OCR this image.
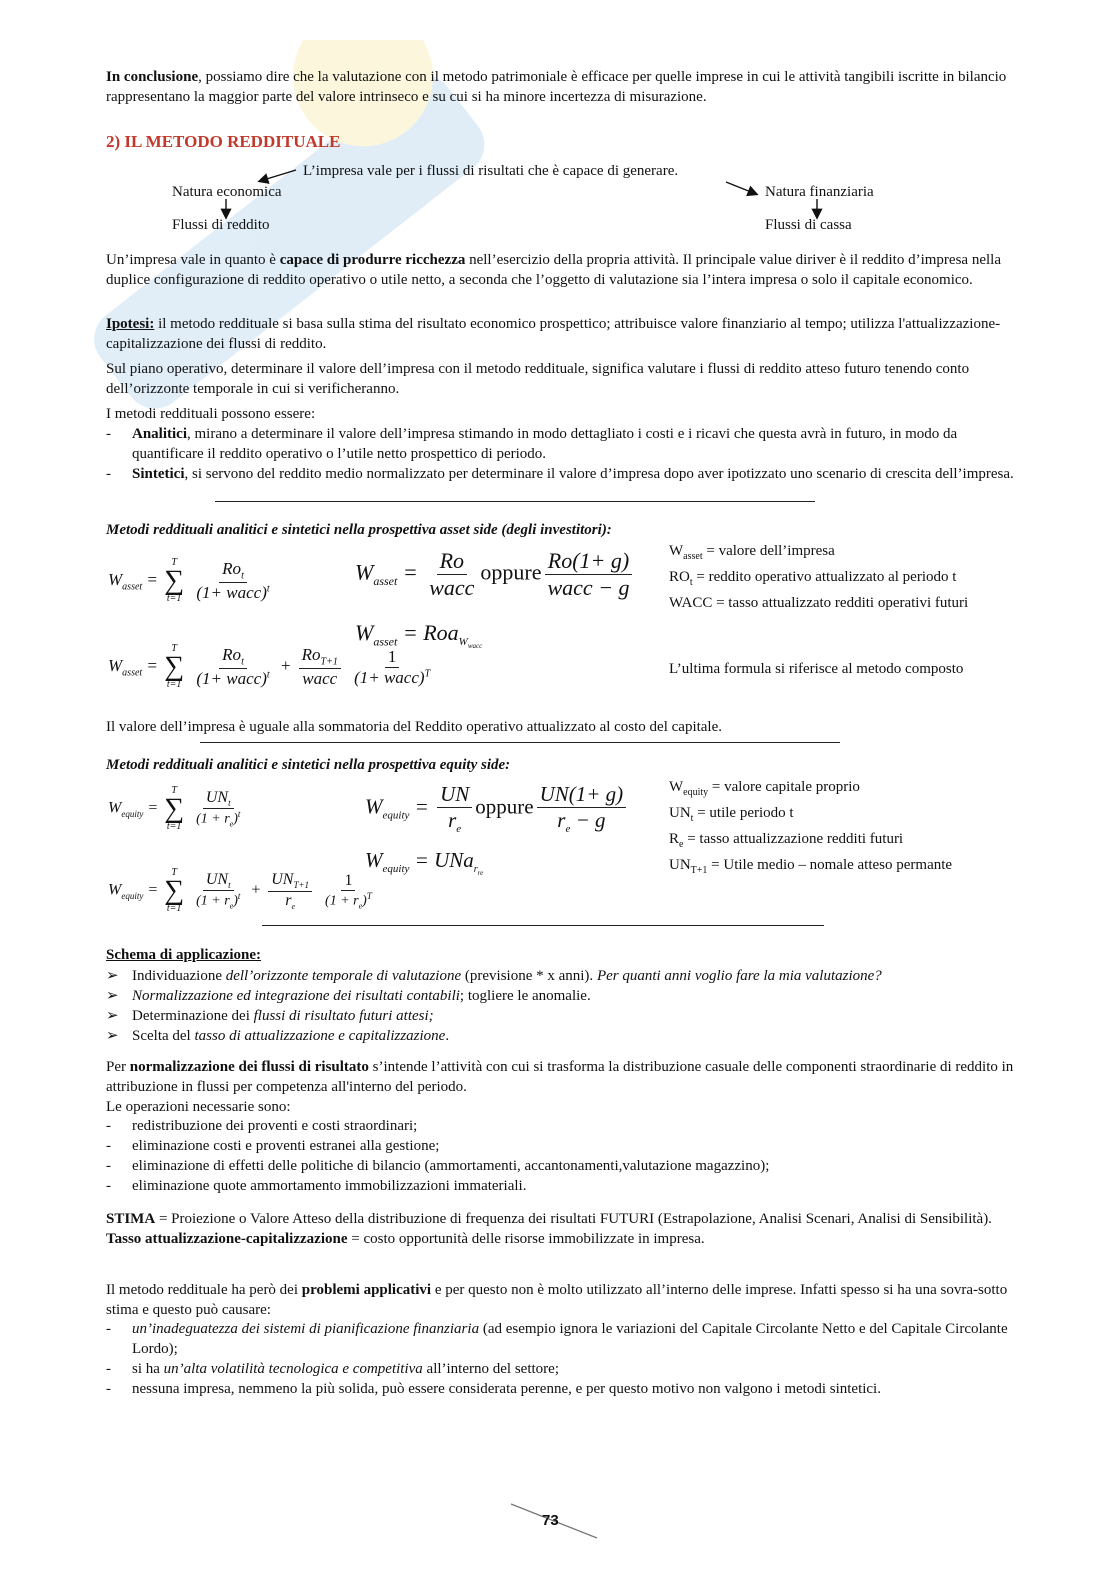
In conclusione, possiamo dire che la valutazione con il metodo patrimoniale è efficace per quelle imprese in cui le attività tangibili iscritte in bilancio rappresentano la maggior parte del valore intrinseco e su cui si ha minore incertezza di misurazione.

2) IL METODO REDDITUALE
L’impresa vale per i flussi di risultati che è capace di generare.
Natura economica
Flussi di reddito
Natura finanziaria
Flussi di cassa

Un’impresa vale in quanto è capace di produrre ricchezza nell’esercizio della propria attività. Il principale value diriver è il reddito d’impresa nella duplice configurazione di reddito operativo o utile netto, a seconda che l’oggetto di valutazione sia l’intera impresa o solo il capitale economico.

Ipotesi: il metodo reddituale si basa sulla stima del risultato economico prospettico; attribuisce valore finanziario al tempo; utilizza l'attualizzazione-capitalizzazione dei flussi di reddito.

Sul piano operativo, determinare il valore dell’impresa con il metodo reddituale, significa valutare i flussi di reddito atteso futuro tenendo conto dell’orizzonte temporale in cui si verificheranno.

I metodi reddituali possono essere:

- Analitici, mirano a determinare il valore dell’impresa stimando in modo dettagliato i costi e i ricavi che questa avrà in futuro, in modo da quantificare il reddito operativo o l’utile netto prospettico di periodo.
- Sintetici, si servono del reddito medio normalizzato per determinare il valore d’impresa dopo aver ipotizzato uno scenario di crescita dell’impresa.
Metodi reddituali analitici e sintetici nella prospettiva asset side (degli investitori):
$W_{asset}$ =
T
∑
t=1
$\frac{Ro_t}{(1+ wacc)^t}$	$W_{asset} = \frac{Ro}{\text{wacc}}$ oppure $\frac{Ro(1+ g)}{\text{wacc − g}}$
$W_{asset} = Roa_{W_{wacc}}$
$W_{asset}$ =
T
∑
t=1
$\frac{Ro_t}{(1+ wacc)^t} + \frac{Ro_{T+1}}{\text{wacc}}$
$\frac{1}{(1+ wacc)^T}$
$W_{asset}$ = valore dell’impresa
$RO_t$ = reddito operativo attualizzato al periodo t
WACC = tasso attualizzato redditi operativi futuri
L’ultima formula si riferisce al metodo composto

Il valore dell’impresa è uguale alla sommatoria del Reddito operativo attualizzato al costo del capitale.

Metodi reddituali analitici e sintetici nella prospettiva equity side:
$W_{equity}$ =
T
∑
t=1
$\frac{UN_t}{(1 + r_e)^t}$	$W_{equity} = \frac{UN}{r_e}$ oppure $\frac{UN(1+ g)}{r_e - g}$
$W_{equity} = UNa_{r_{re}}$
$W_{equity}$ =
T
∑
t=1
$\frac{UN_t}{(1 + r_e)^t} + \frac{UN_{T+1}}{r_e}$
$\frac{1}{(1 + r_e)^T}$
$W_{equity}$ = valore capitale proprio
$UN_t$ = utile periodo t
$R_e$ = tasso attualizzazione redditi futuri
$UN_{T+1}$ = Utile medio – nomale atteso permante
Schema di applicazione:
➢ Individuazione dell’orizzonte temporale di valutazione (previsione * x anni). Per quanti anni voglio fare la mia valutazione?
➢ Normalizzazione ed integrazione dei risultati contabili; togliere le anomalie.
➢ Determinazione dei flussi di risultato futuri attesi;
➢ Scelta del tasso di attualizzazione e capitalizzazione.

Per normalizzazione dei flussi di risultato s’intende l’attività con cui si trasforma la distribuzione casuale delle componenti straordinarie di reddito in attribuzione in flussi per competenza all'interno del periodo.

Le operazioni necessarie sono:

- redistribuzione dei proventi e costi straordinari;
- eliminazione costi e proventi estranei alla gestione;
- eliminazione di effetti delle politiche di bilancio (ammortamenti, accantonamenti,valutazione magazzino);
- eliminazione quote ammortamento immobilizzazioni immateriali.

STIMA = Proiezione o Valore Atteso della distribuzione di frequenza dei risultati FUTURI (Estrapolazione, Analisi Scenari, Analisi di Sensibilità).

Tasso attualizzazione-capitalizzazione = costo opportunità delle risorse immobilizzate in impresa.

Il metodo reddituale ha però dei problemi applicativi e per questo non è molto utilizzato all’interno delle imprese. Infatti spesso si ha una sovra-sotto stima e questo può causare:

- un’inadeguatezza dei sistemi di pianificazione finanziaria (ad esempio ignora le variazioni del Capitale Circolante Netto e del Capitale Circolante Lordo);
- si ha un’alta volatilità tecnologica e competitiva all’interno del settore;
- nessuna impresa, nemmeno la più solida, può essere considerata perenne, e per questo motivo non valgono i metodi sintetici.
73
